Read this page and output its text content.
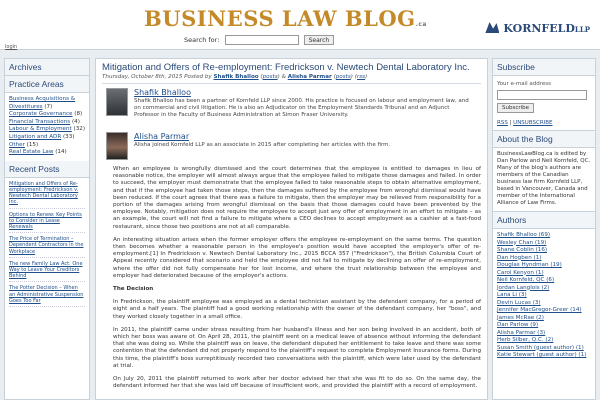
BUSINESS LAW BLOG.ca	KORNFELDLLP
Search for:	Search
login
Archives
Practice Areas
Business Acquisitions & Divestitures (7)
Corporate Governance (8)
Financial Transactions (4)
Labour & Employment (32)
Litigation and ADR (33)
Other (15)
Real Estate Law (14)
Recent Posts
Mitigation and Offers of Re-employment: Fredrickson v. Newtech Dental Laboratory Inc.
Options to Renew: Key Points to Consider in Lease Renewals
The Price of Termination – Dependent Contractors in the Workplace
The new Family Law Act: One Way to Leave Your Creditors Behind
The Potter Decision – When an Administrative Suspension Goes Too Far
Mitigation and Offers of Re-employment: Fredrickson v. Newtech Dental Laboratory Inc.
Thursday, October 8th, 2015 Posted by Shafik Bhalloo (posts) & Alisha Parmar (posts) (rss)
Shafik Bhalloo
Shafik Bhalloo has been a partner of Kornfeld LLP since 2000. His practice is focused on labour and employment law, and on commercial and civil litigation. He is also an Adjudicator on the Employment Standards Tribunal and an Adjunct Professor in the Faculty of Business Administration at Simon Fraser University.
Alisha Parmar
Alisha joined Kornfeld LLP as an associate in 2015 after completing her articles with the firm.

When an employee is wrongfully dismissed and the court determines that the employee is entitled to damages in lieu of reasonable notice, the employer will almost always argue that the employee failed to mitigate those damages and failed. In order to succeed, the employer must demonstrate that the employee failed to take reasonable steps to obtain alternative employment, and that if the employee had taken those steps, then the damages suffered by the employee from wrongful dismissal would have been reduced. If the court agrees that there was a failure to mitigate, then the employer may be relieved from responsibility for a portion of the damages arising from wrongful dismissal on the basis that those damages could have been prevented by the employee. Notably, mitigation does not require the employee to accept just any offer of employment in an effort to mitigate – as an example, the court will not find a failure to mitigate where a CEO declines to accept employment as a cashier at a fast-food restaurant, since those two positions are not at all comparable.

An interesting situation arises when the former employer offers the employee re-employment on the same terms. The question then becomes whether a reasonable person in the employee's position would have accepted the employer's offer of re-employment.[1] In Fredrickson v. Newtech Dental Laboratory Inc., 2015 BCCA 357 ("Fredrickson"), the British Columbia Court of Appeal recently considered that scenario and held the employee did not fail to mitigate by declining an offer of re-employment, where the offer did not fully compensate her for lost income, and where the trust relationship between the employee and employer had deteriorated because of the employer's actions.

The Decision

In Fredrickson, the plaintiff employee was employed as a dental technician assistant by the defendant company, for a period of eight and a half years. The plaintiff had a good working relationship with the owner of the defendant company, her "boss", and they worked closely together in a small office.

In 2011, the plaintiff came under stress resulting from her husband's illness and her son being involved in an accident, both of which her boss was aware of. On April 28, 2011, the plaintiff went on a medical leave of absence without informing the defendant that she was doing so. While the plaintiff was on leave, the defendant disputed her entitlement to take leave and there was some contention that the defendant did not properly respond to the plaintiff's request to complete Employment Insurance forms. During this time, the plaintiff's boss surreptitiously recorded two conversations with the plaintiff, which were later used by the defendant at trial.

On July 20, 2011 the plaintiff returned to work after her doctor advised her that she was fit to do so. On the same day, the defendant informed her that she was laid off because of insufficient work, and provided the plaintiff with a record of employment.

Subscribe
Your e-mail address
Subscribe
RSS | UNSUBSCRIBE
About the Blog
BusinessLawBlog.ca is edited by Dan Parlow and Neil Kornfeld, QC. Many of the blog's authors are members of the Canadian business law firm Kornfeld LLP, based in Vancouver, Canada and member of the International Alliance of Law Firms.
Authors
Shafik Bhalloo (69)
Wesley Chan (19)
Shane Coblin (16)
Dan Hogben (1)
Douglas Hyndman (19)
Carol Kenyon (1)
Neil Kornfeld, QC (6)
Jordan Langlois (2)
Lana Li (3)
Devin Lucas (3)
Jennifer MacGregor-Greer (14)
James McRae (2)
Dan Parlow (9)
Alisha Parmar (3)
Herb Silber, Q.C. (2)
Susan Smith (guest author) (1)
Katie Stewart (guest author) (1)
